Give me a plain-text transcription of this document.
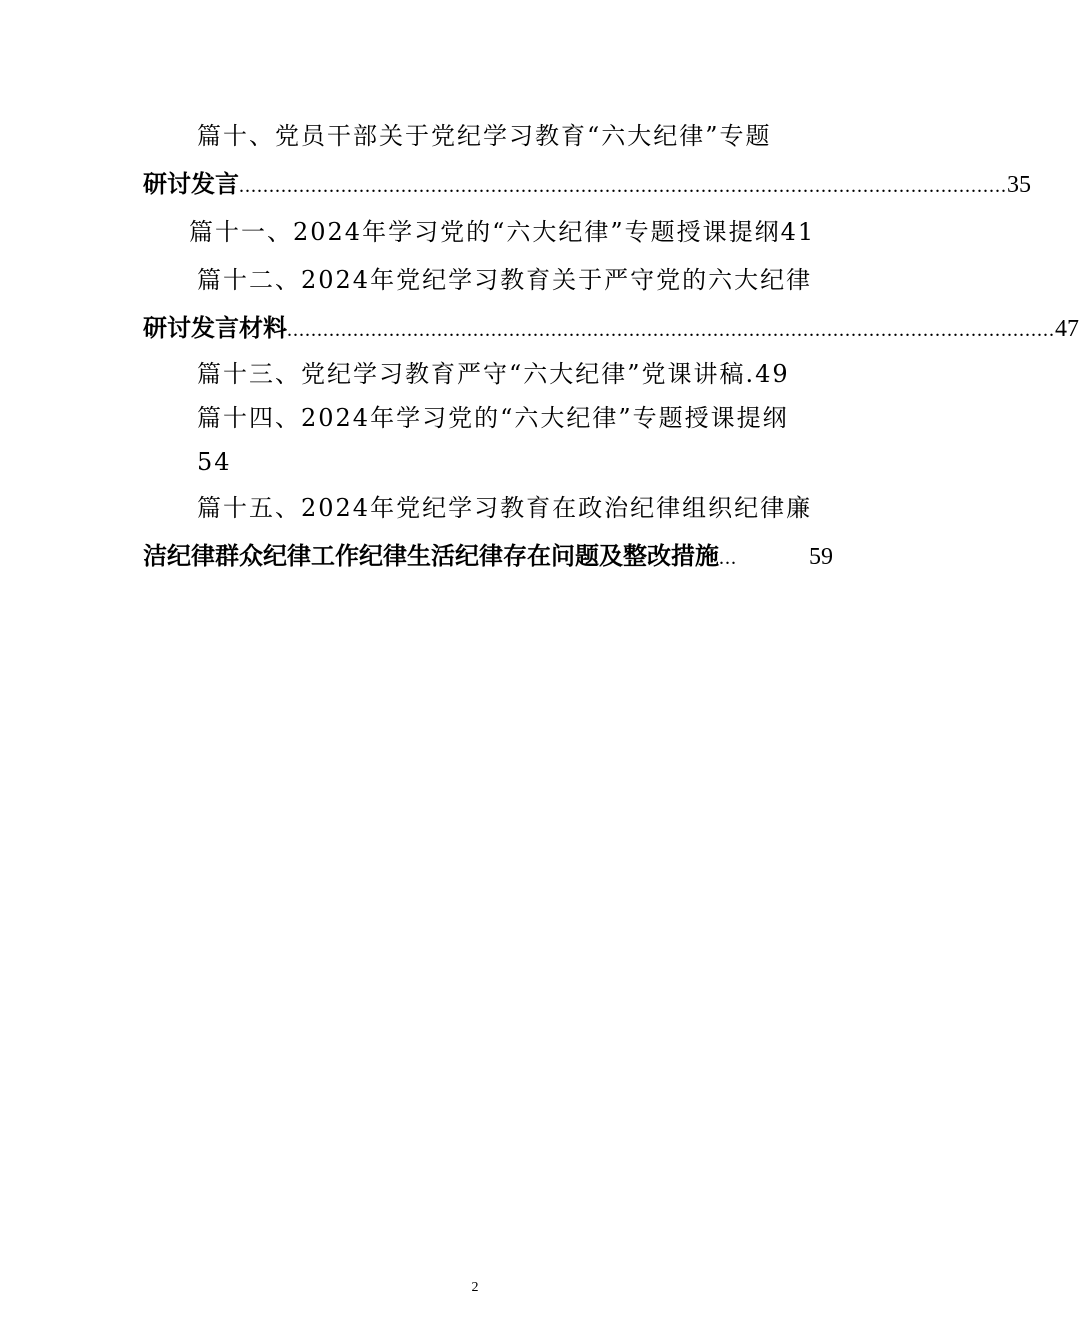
篇十、党员干部关于党纪学习教育“六大纪律”专题
研讨发言 ................................................................................................................................ 35
篇十一、2024年学习党的“六大纪律”专题授课提纲41
篇十二、2024年党纪学习教育关于严守党的六大纪律
研讨发言材料 ................................................................................................................................ 47
篇十三、党纪学习教育严守“六大纪律”党课讲稿.49
篇十四、2024年学习党的“六大纪律”专题授课提纲
54
篇十五、2024年党纪学习教育在政治纪律组织纪律廉
洁纪律群众纪律工作纪律生活纪律存在问题及整改措施 ...	59
2
